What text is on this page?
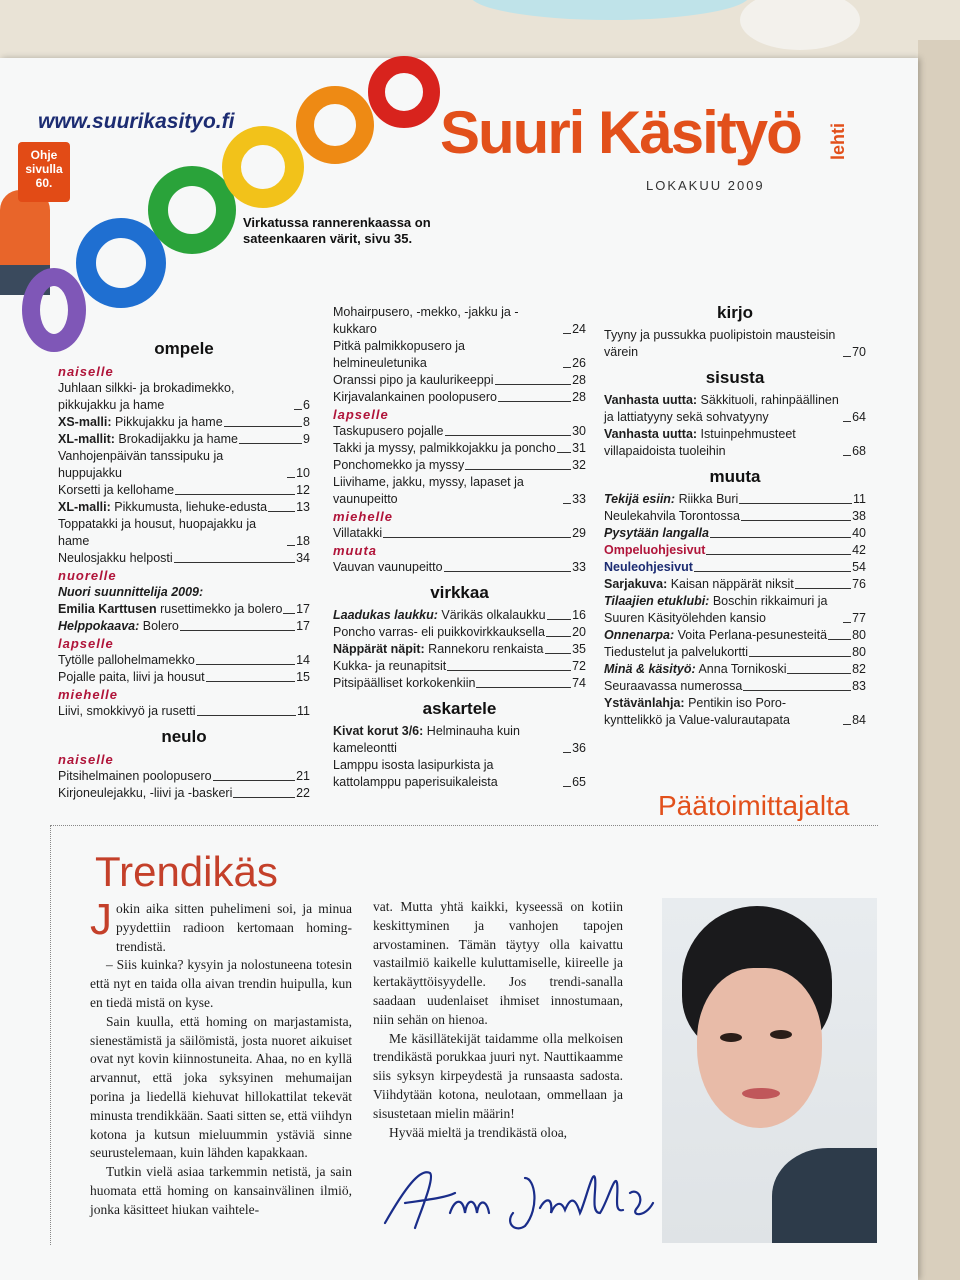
www.suurikasityo.fi	Suuri Käsityö lehti
LOKAKUU 2009
Ohje
sivulla
60.
Virkatussa rannerenkaassa on sateenkaaren värit, sivu 35.
ompele
naiselle
Juhlaan silkki- ja brokadimekko, pikkujakku ja hame	6
XS-malli: Pikkujakku ja hame	8
XL-mallit: Brokadijakku ja hame	9
Vanhojenpäivän tanssipuku ja huppujakku	10
Korsetti ja kellohame	12
XL-malli: Pikkumusta, liehuke-edusta 13
Toppatakki ja housut, huopajakku ja hame	18
Neulosjakku helposti	34
nuorelle
Nuori suunnittelija 2009:
Emilia Karttusen rusettimekko ja bolero 17
Helppokaava: Bolero	17
lapselle
Tytölle pallohelmamekko	14
Pojalle paita, liivi ja housut	15
miehelle
Liivi, smokkivyö ja rusetti	11
neulo
naiselle
Pitsihelmainen poolopusero	21
Kirjoneulejakku, -liivi ja -baskeri	22
Mohairpusero, -mekko, -jakku ja -kukkaro	24
Pitkä palmikkopusero ja helmineuletunika	26
Oranssi pipo ja kaulurikeeppi	28
Kirjavalankainen poolopusero	28
lapselle
Taskupusero pojalle	30
Takki ja myssy, palmikkojakku ja poncho 31
Ponchomekko ja myssy	32
Liivihame, jakku, myssy, lapaset ja vaunupeitto	33
miehelle
Villatakki	29
muuta
Vauvan vaunupeitto	33
virkkaa
Laadukas laukku: Värikäs olkalaukku 16
Poncho varras- eli puikkovirkkauksella 20
Näppärät näpit: Rannekoru renkaista 35
Kukka- ja reunapitsit	72
Pitsipäälliset korkokenkiin	74
askartele
Kivat korut 3/6: Helminauha kuin kameleontti	36
Lamppu isosta lasipurkista ja kattolamppu paperisuikaleista	65
kirjo
Tyyny ja pussukka puolipistoin mausteisin värein	70
sisusta
Vanhasta uutta: Säkkituoli, rahinpäällinen ja lattiatyyny sekä sohvatyyny	64
Vanhasta uutta: Istuinpehmusteet villapaidoista tuoleihin	68
muuta
Tekijä esiin: Riikka Buri	11
Neulekahvila Torontossa	38
Pysytään langalla	40
Ompeluohjesivut	42
Neuleohjesivut	54
Sarjakuva: Kaisan näppärät niksit	76
Tilaajien etuklubi: Boschin rikkaimuri ja Suuren Käsityölehden kansio	77
Onnenarpa: Voita Perlana-pesunesteitä 80
Tiedustelut ja palvelukortti	80
Minä & käsityö: Anna Tornikoski	82
Seuraavassa numerossa	83
Ystävänlahja: Pentikin iso Poro-kynttelikkö ja Value-valurautapata	84
Päätoimittajalta
Trendikäs

Jokin aika sitten puhelimeni soi, ja minua pyydettiin radioon kertomaan homing-trendistä.

– Siis kuinka? kysyin ja nolostuneena totesin että nyt en taida olla aivan trendin huipulla, kun en tiedä mistä on kyse.

Sain kuulla, että homing on marjastamista, sienestämistä ja säilömistä, josta nuoret aikuiset ovat nyt kovin kiinnostuneita. Ahaa, no en kyllä arvannut, että joka syksyinen mehumaijan porina ja liedellä kiehuvat hillokattilat tekevät minusta trendikkään. Saati sitten se, että viihdyn kotona ja kutsun mieluummin ystäviä sinne seurustelemaan, kuin lähden kapakkaan.

Tutkin vielä asiaa tarkemmin netistä, ja sain huomata että homing on kansainvälinen ilmiö, jonka käsitteet hiukan vaihtele-

vat. Mutta yhtä kaikki, kyseessä on kotiin keskittyminen ja vanhojen tapojen arvostaminen. Tämän täytyy olla kaivattu vastailmiö kaikelle kuluttamiselle, kiireelle ja kertakäyttöisyydelle. Jos trendi-sanalla saadaan uudenlaiset ihmiset innostumaan, niin sehän on hienoa.

Me käsillätekijät taidamme olla melkoisen trendikästä porukkaa juuri nyt. Nauttikaamme siis syksyn kirpeydestä ja runsaasta sadosta. Viihdytään kotona, neulotaan, ommellaan ja sisustetaan mielin määrin!

Hyvää mieltä ja trendikästä oloa,
